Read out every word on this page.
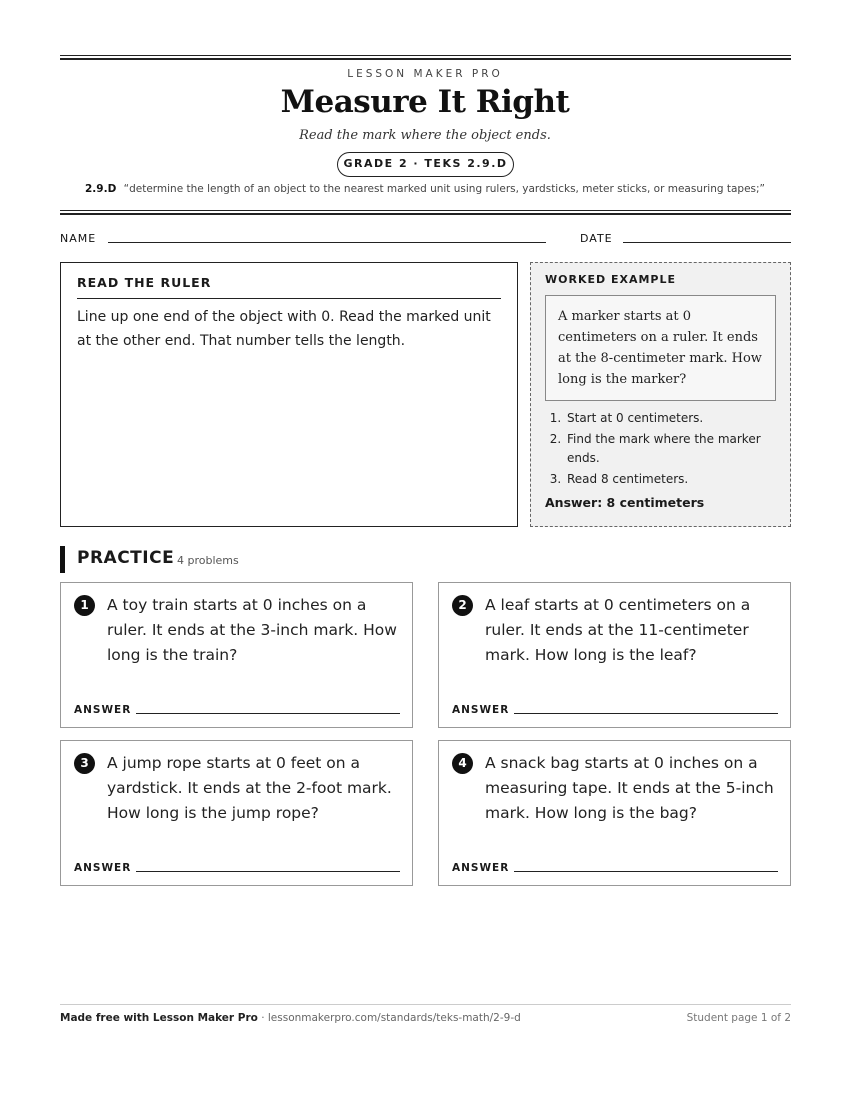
LESSON MAKER PRO
Measure It Right
Read the mark where the object ends.
GRADE 2 · TEKS 2.9.D
2.9.D “determine the length of an object to the nearest marked unit using rulers, yardsticks, meter sticks, or measuring tapes;”
NAME	DATE
READ THE RULER
Line up one end of the object with 0. Read the marked unit at the other end. That number tells the length.
WORKED EXAMPLE
A marker starts at 0 centimeters on a ruler. It ends at the 8-centimeter mark. How long is the marker?
1. Start at 0 centimeters.
2. Find the mark where the marker ends.
3. Read 8 centimeters.
Answer: 8 centimeters
PRACTICE 4 problems
1	A toy train starts at 0 inches on a ruler. It ends at the 3-inch mark. How long is the train?
ANSWER
2	A leaf starts at 0 centimeters on a ruler. It ends at the 11-centimeter mark. How long is the leaf?
ANSWER
3	A jump rope starts at 0 feet on a yardstick. It ends at the 2-foot mark. How long is the jump rope?
ANSWER
4	A snack bag starts at 0 inches on a measuring tape. It ends at the 5-inch mark. How long is the bag?
ANSWER
Made free with Lesson Maker Pro · lessonmakerpro.com/standards/teks-math/2-9-d	Student page 1 of 2
